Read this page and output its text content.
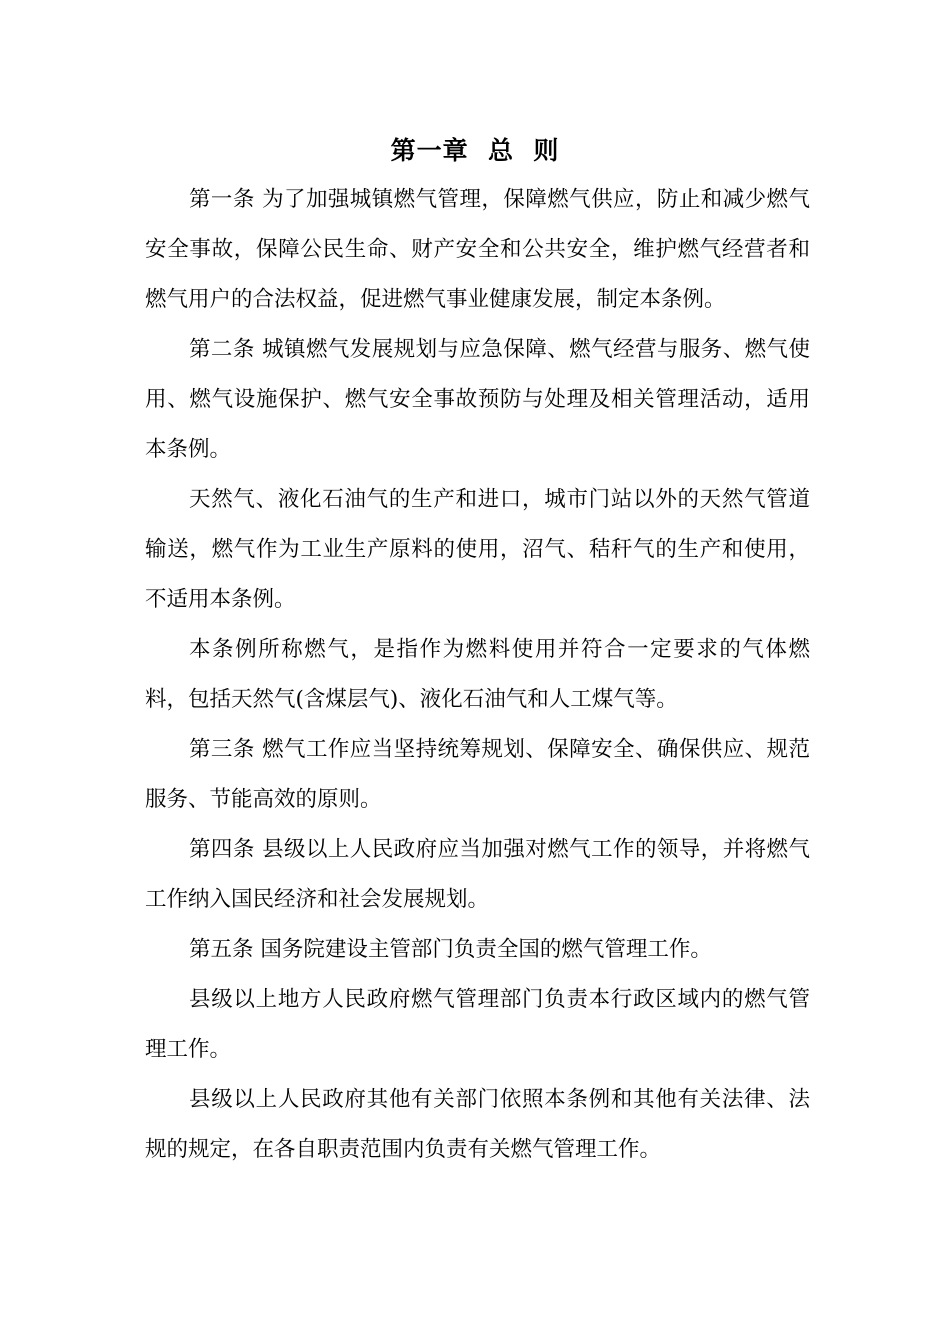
第一章  总  则

第一条 为了加强城镇燃气管理，保障燃气供应，防止和减少燃气安全事故，保障公民生命、财产安全和公共安全，维护燃气经营者和燃气用户的合法权益，促进燃气事业健康发展，制定本条例。

第二条 城镇燃气发展规划与应急保障、燃气经营与服务、燃气使用、燃气设施保护、燃气安全事故预防与处理及相关管理活动，适用本条例。

天然气、液化石油气的生产和进口，城市门站以外的天然气管道输送，燃气作为工业生产原料的使用，沼气、秸秆气的生产和使用，不适用本条例。

本条例所称燃气，是指作为燃料使用并符合一定要求的气体燃料，包括天然气(含煤层气)、液化石油气和人工煤气等。

第三条 燃气工作应当坚持统筹规划、保障安全、确保供应、规范服务、节能高效的原则。

第四条 县级以上人民政府应当加强对燃气工作的领导，并将燃气工作纳入国民经济和社会发展规划。

第五条 国务院建设主管部门负责全国的燃气管理工作。

县级以上地方人民政府燃气管理部门负责本行政区域内的燃气管理工作。

县级以上人民政府其他有关部门依照本条例和其他有关法律、法规的规定，在各自职责范围内负责有关燃气管理工作。
